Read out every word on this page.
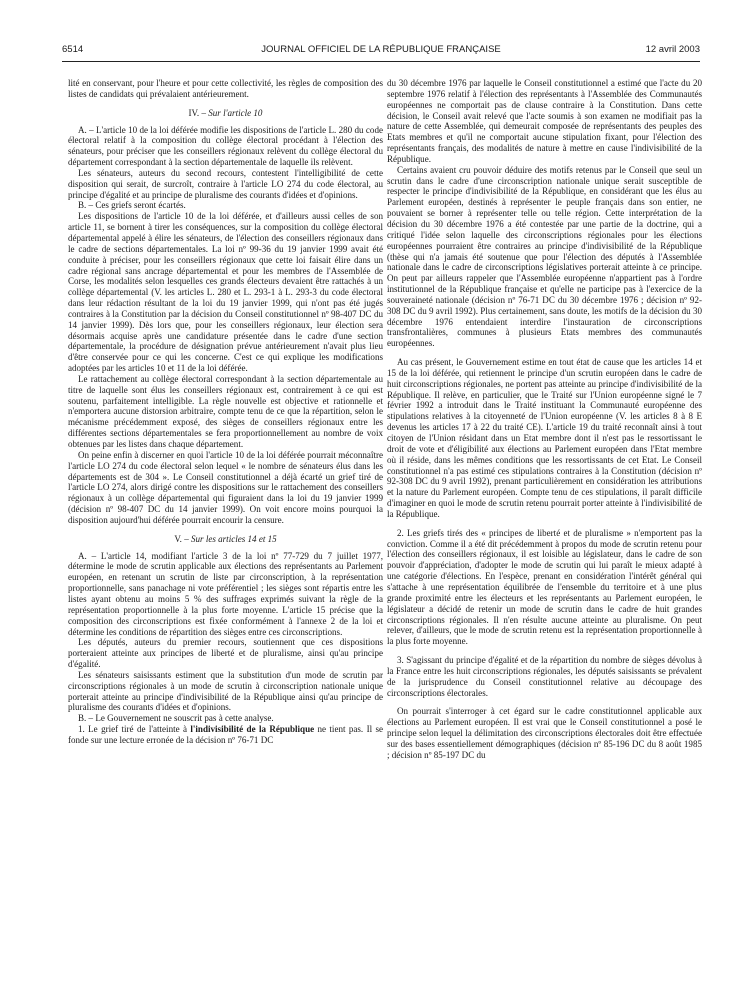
6514	JOURNAL OFFICIEL DE LA RÉPUBLIQUE FRANÇAISE	12 avril 2003

lité en conservant, pour l'heure et pour cette collectivité, les règles de composition des listes de candidats qui prévalaient antérieurement.

IV. – Sur l'article 10

A. – L'article 10 de la loi déférée modifie les dispositions de l'article L. 280 du code électoral relatif à la composition du collège électoral procédant à l'élection des sénateurs, pour préciser que les conseillers régionaux relèvent du collège électoral du département correspondant à la section départementale de laquelle ils relèvent.

Les sénateurs, auteurs du second recours, contestent l'intelligibilité de cette disposition qui serait, de surcroît, contraire à l'article LO 274 du code électoral, au principe d'égalité et au principe de pluralisme des courants d'idées et d'opinions.

B. – Ces griefs seront écartés.

Les dispositions de l'article 10 de la loi déférée, et d'ailleurs aussi celles de son article 11, se bornent à tirer les conséquences, sur la composition du collège électoral départemental appelé à élire les sénateurs, de l'élection des conseillers régionaux dans le cadre de sections départementales. La loi nº 99-36 du 19 janvier 1999 avait été conduite à préciser, pour les conseillers régionaux que cette loi faisait élire dans un cadre régional sans ancrage départemental et pour les membres de l'Assemblée de Corse, les modalités selon lesquelles ces grands électeurs devaient être rattachés à un collège départemental (V. les articles L. 280 et L. 293-1 à L. 293-3 du code électoral dans leur rédaction résultant de la loi du 19 janvier 1999, qui n'ont pas été jugés contraires à la Constitution par la décision du Conseil constitutionnel nº 98-407 DC du 14 janvier 1999). Dès lors que, pour les conseillers régionaux, leur élection sera désormais acquise après une candidature présentée dans le cadre d'une section départementale, la procédure de désignation prévue antérieurement n'avait plus lieu d'être conservée pour ce qui les concerne. C'est ce qui explique les modifications adoptées par les articles 10 et 11 de la loi déférée.

Le rattachement au collège électoral correspondant à la section départementale au titre de laquelle sont élus les conseillers régionaux est, contrairement à ce qui est soutenu, parfaitement intelligible. La règle nouvelle est objective et rationnelle et n'emportera aucune distorsion arbitraire, compte tenu de ce que la répartition, selon le mécanisme précédemment exposé, des sièges de conseillers régionaux entre les différentes sections départementales se fera proportionnellement au nombre de voix obtenues par les listes dans chaque département.

On peine enfin à discerner en quoi l'article 10 de la loi déférée pourrait méconnaître l'article LO 274 du code électoral selon lequel « le nombre de sénateurs élus dans les départements est de 304 ». Le Conseil constitutionnel a déjà écarté un grief tiré de l'article LO 274, alors dirigé contre les dispositions sur le rattachement des conseillers régionaux à un collège départemental qui figuraient dans la loi du 19 janvier 1999 (décision nº 98-407 DC du 14 janvier 1999). On voit encore moins pourquoi la disposition aujourd'hui déférée pourrait encourir la censure.

V. – Sur les articles 14 et 15

A. – L'article 14, modifiant l'article 3 de la loi nº 77-729 du 7 juillet 1977, détermine le mode de scrutin applicable aux élections des représentants au Parlement européen, en retenant un scrutin de liste par circonscription, à la représentation proportionnelle, sans panachage ni vote préférentiel ; les sièges sont répartis entre les listes ayant obtenu au moins 5 % des suffrages exprimés suivant la règle de la représentation proportionnelle à la plus forte moyenne. L'article 15 précise que la composition des circonscriptions est fixée conformément à l'annexe 2 de la loi et détermine les conditions de répartition des sièges entre ces circonscriptions.

Les députés, auteurs du premier recours, soutiennent que ces dispositions porteraient atteinte aux principes de liberté et de pluralisme, ainsi qu'au principe d'égalité.

Les sénateurs saisissants estiment que la substitution d'un mode de scrutin par circonscriptions régionales à un mode de scrutin à circonscription nationale unique porterait atteinte au principe d'indivisibilité de la République ainsi qu'au principe de pluralisme des courants d'idées et d'opinions.

B. – Le Gouvernement ne souscrit pas à cette analyse.

1. Le grief tiré de l'atteinte à l'indivisibilité de la République ne tient pas. Il se fonde sur une lecture erronée de la décision nº 76-71 DC

du 30 décembre 1976 par laquelle le Conseil constitutionnel a estimé que l'acte du 20 septembre 1976 relatif à l'élection des représentants à l'Assemblée des Communautés européennes ne comportait pas de clause contraire à la Constitution. Dans cette décision, le Conseil avait relevé que l'acte soumis à son examen ne modifiait pas la nature de cette Assemblée, qui demeurait composée de représentants des peuples des Etats membres et qu'il ne comportait aucune stipulation fixant, pour l'élection des représentants français, des modalités de nature à mettre en cause l'indivisibilité de la République.

Certains avaient cru pouvoir déduire des motifs retenus par le Conseil que seul un scrutin dans le cadre d'une circonscription nationale unique serait susceptible de respecter le principe d'indivisibilité de la République, en considérant que les élus au Parlement européen, destinés à représenter le peuple français dans son entier, ne pouvaient se borner à représenter telle ou telle région. Cette interprétation de la décision du 30 décembre 1976 a été contestée par une partie de la doctrine, qui a critiqué l'idée selon laquelle des circonscriptions régionales pour les élections européennes pourraient être contraires au principe d'indivisibilité de la République (thèse qui n'a jamais été soutenue que pour l'élection des députés à l'Assemblée nationale dans le cadre de circonscriptions législatives porterait atteinte à ce principe. On peut par ailleurs rappeler que l'Assemblée européenne n'appartient pas à l'ordre institutionnel de la République française et qu'elle ne participe pas à l'exercice de la souveraineté nationale (décision nº 76-71 DC du 30 décembre 1976 ; décision nº 92-308 DC du 9 avril 1992). Plus certainement, sans doute, les motifs de la décision du 30 décembre 1976 entendaient interdire l'instauration de circonscriptions transfrontalières, communes à plusieurs Etats membres des communautés européennes.

Au cas présent, le Gouvernement estime en tout état de cause que les articles 14 et 15 de la loi déférée, qui retiennent le principe d'un scrutin européen dans le cadre de huit circonscriptions régionales, ne portent pas atteinte au principe d'indivisibilité de la République. Il relève, en particulier, que le Traité sur l'Union européenne signé le 7 février 1992 a introduit dans le Traité instituant la Communauté européenne des stipulations relatives à la citoyenneté de l'Union européenne (V. les articles 8 à 8 E devenus les articles 17 à 22 du traité CE). L'article 19 du traité reconnaît ainsi à tout citoyen de l'Union résidant dans un Etat membre dont il n'est pas le ressortissant le droit de vote et d'éligibilité aux élections au Parlement européen dans l'Etat membre où il réside, dans les mêmes conditions que les ressortissants de cet Etat. Le Conseil constitutionnel n'a pas estimé ces stipulations contraires à la Constitution (décision nº 92-308 DC du 9 avril 1992), prenant particulièrement en considération les attributions et la nature du Parlement européen. Compte tenu de ces stipulations, il paraît difficile d'imaginer en quoi le mode de scrutin retenu pourrait porter atteinte à l'indivisibilité de la République.

2. Les griefs tirés des « principes de liberté et de pluralisme » n'emportent pas la conviction. Comme il a été dit précédemment à propos du mode de scrutin retenu pour l'élection des conseillers régionaux, il est loisible au législateur, dans le cadre de son pouvoir d'appréciation, d'adopter le mode de scrutin qui lui paraît le mieux adapté à une catégorie d'élections. En l'espèce, prenant en considération l'intérêt général qui s'attache à une représentation équilibrée de l'ensemble du territoire et à une plus grande proximité entre les électeurs et les représentants au Parlement européen, le législateur a décidé de retenir un mode de scrutin dans le cadre de huit grandes circonscriptions régionales. Il n'en résulte aucune atteinte au pluralisme. On peut relever, d'ailleurs, que le mode de scrutin retenu est la représentation proportionnelle à la plus forte moyenne.

3. S'agissant du principe d'égalité et de la répartition du nombre de sièges dévolus à la France entre les huit circonscriptions régionales, les députés saisissants se prévalent de la jurisprudence du Conseil constitutionnel relative au découpage des circonscriptions électorales.

On pourrait s'interroger à cet égard sur le cadre constitutionnel applicable aux élections au Parlement européen. Il est vrai que le Conseil constitutionnel a posé le principe selon lequel la délimitation des circonscriptions électorales doit être effectuée sur des bases essentiellement démographiques (décision nº 85-196 DC du 8 août 1985 ; décision nº 85-197 DC du
